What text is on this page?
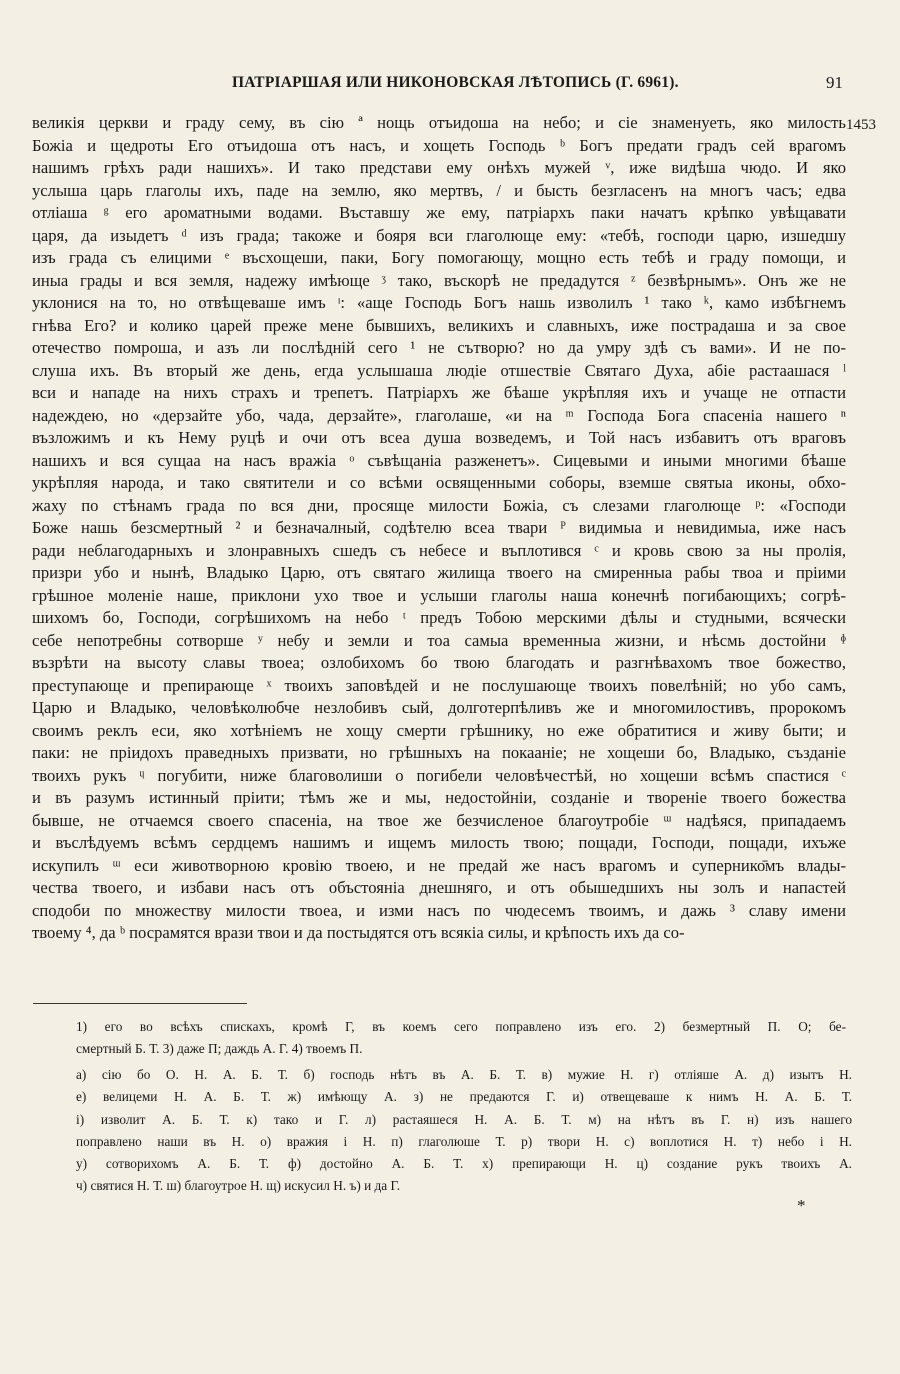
ПАТРІАРШАЯ ИЛИ НИКОНОВСКАЯ ЛѢТОПИСЬ (Г. 6961).	91
1453
великія церкви и граду сему, въ сію ª нощь отъидоша на небо; и сіе знаменуеть, яко милость
Божіа и щедроты Его отъидоша отъ насъ, и хощеть Господь ᵇ Богъ предати градъ сей врагомъ
нашимъ грѣхъ ради нашихъ». И тако представи ему онѣхъ мужей ᵛ, иже видѣша чюдо. И яко
услыша царь глаголы ихъ, паде на землю, яко мертвъ, / и бысть безгласенъ на многъ часъ; едва
отліаша ᵍ его ароматными водами. Въставшу же ему, патріархъ паки начатъ крѣпко увѣщавати
царя, да изыдетъ ᵈ изъ града; такоже и бояря вси глаголюще ему: «тебѣ, господи царю, изшедшу
изъ града съ елицими ᵉ въсхощеши, паки, Богу помогающу, мощно есть тебѣ и граду помощи, и
иныа грады и вся земля, надежу имѣюще ᶾ тако, въскорѣ не предадутся ᶻ безвѣрнымъ». Онъ же не
уклонися на то, но отвѣщеваше имъ ᶦ: «аще Господь Богъ нашь изволилъ ¹ тако ᵏ, камо избѣгнемъ
гнѣва Его? и колико царей преже мене бывшихъ, великихъ и славныхъ, иже пострадаша и за свое
отечество помроша, и азъ ли послѣдній сего ¹ не сътворю? но да умру здѣ съ вами». И не по-
слуша ихъ. Въ вторый же день, егда услышаша людіе отшествіе Святаго Духа, абіе растаашася ˡ
вси и нападе на нихъ страхъ и трепетъ. Патріархъ же бѣаше укрѣпляя ихъ и учаще не отпасти
надеждею, но «дерзайте убо, чада, дерзайте», глаголаше, «и на ᵐ Господа Бога спасенiа нашего ⁿ
възложимъ и къ Нему руцѣ и очи отъ всеа душа возведемъ, и Той насъ избавитъ отъ враговъ
нашихъ и вся сущаа на насъ вражіа ᵒ съвѣщанiа разженетъ». Сицевыми и иными многими бѣаше
укрѣпляя народа, и тако святители и со всѣми освященными соборы, вземше святыа иконы, обхо-
жаху по стѣнамъ града по вся дни, просяще милости Божіа, съ слезами глаголюще ᵖ: «Господи
Боже нашь безсмертный ² и безначалный, содѣтелю всеа твари ᴾ видимыа и невидимыа, иже насъ
ради неблагодарныхъ и злонравныхъ сшедъ съ небесе и въплотився ᶜ и кровь свою за ны пролія,
призри убо и нынѣ, Владыко Царю, отъ святаго жилища твоего на смиренныа рабы твоа и пріими
грѣшное моленіе наше, приклони ухо твое и услыши глаголы наша конечнѣ погибающихъ; согрѣ-
шихомъ бо, Господи, согрѣшихомъ на небо ᵗ предъ Тобою мерскими дѣлы и студными, всячески
себе непотребны сотворше ʸ небу и земли и тоа самыа временныа жизни, и нѣсмь достойни ᶲ
възрѣти на высоту славы твоеа; озлобихомъ бо твою благодать и разгнѣвахомъ твое божество,
преступающе и препирающе ˣ твоихъ заповѣдей и не послушающе твоихъ повелѣній; но убо самъ,
Царю и Владыко, человѣколюбче незлобивъ сый, долготерпѣливъ же и многомилостивъ, пророкомъ
своимъ реклъ еси, яко хотѣніемъ не хощу смерти грѣшнику, но еже обратитися и живу быти; и
паки: не пріидохъ праведныхъ призвати, но грѣшныхъ на покааніе; не хощеши бо, Владыко, създаніе
твоихъ рукъ ᶣ погубити, ниже благоволиши о погибели человѣчестѣй, но хощеши всѣмъ спастися ᶜ
и въ разумъ истинный пріити; тѣмъ же и мы, недостойніи, созданіе и твореніе твоего божества
бывше, не отчаемся своего спасенiа, на твое же безчисленое благоутробіе ᵚ надѣяся, припадаемъ
и въслѣдуемъ всѣмъ сердцемъ нашимъ и ищемъ милость твою; пощади, Господи, пощади, ихъже
искупилъ ᵚ еси животворною кровію твоею, и не предай же насъ врагомъ и супернико̄мъ влады-
чества твоего, и избави насъ отъ объстоянiа днешняго, и отъ обышедшихъ ны золъ и напастей
сподоби по множеству милости твоеа, и изми насъ по чюдесемъ твоимъ, и дажь ³ славу имени
твоему ⁴, да ᵇ посрамятся врази твои и да постыдятся отъ всякіа силы, и крѣпость ихъ да со-
1) его во всѣхъ спискахъ, кромѣ Г, въ коемъ сего поправлено изъ его. 2) безмертный П. О; бе-
смертный Б. Т. 3) даже П; даждь А. Г. 4) твоемъ П.
а) сію бо О. Н. А. Б. Т. б) господь нѣтъ въ А. Б. Т. в) мужие Н. г) отліяше А. д) изытъ Н.
е) велицеми Н. А. Б. Т. ж) имѣющу А. з) не предаются Г. и) отвещеваше к нимъ Н. А. Б. Т.
і) изволит А. Б. Т. к) тако и Г. л) растаяшеся Н. А. Б. Т. м) на нѣтъ въ Г. н) изъ нашего
поправлено наши въ Н. о) вражия і Н. п) глаголюше Т. р) твори Н. с) воплотися Н. т) небо і Н.
у) сотворихомъ А. Б. Т. ф) достойно А. Б. Т. х) препирающи Н. ц) создание рукъ твоихъ А.
ч) святися Н. Т. ш) благоутрое Н. щ) искусил Н. ъ) и да Г.
*
